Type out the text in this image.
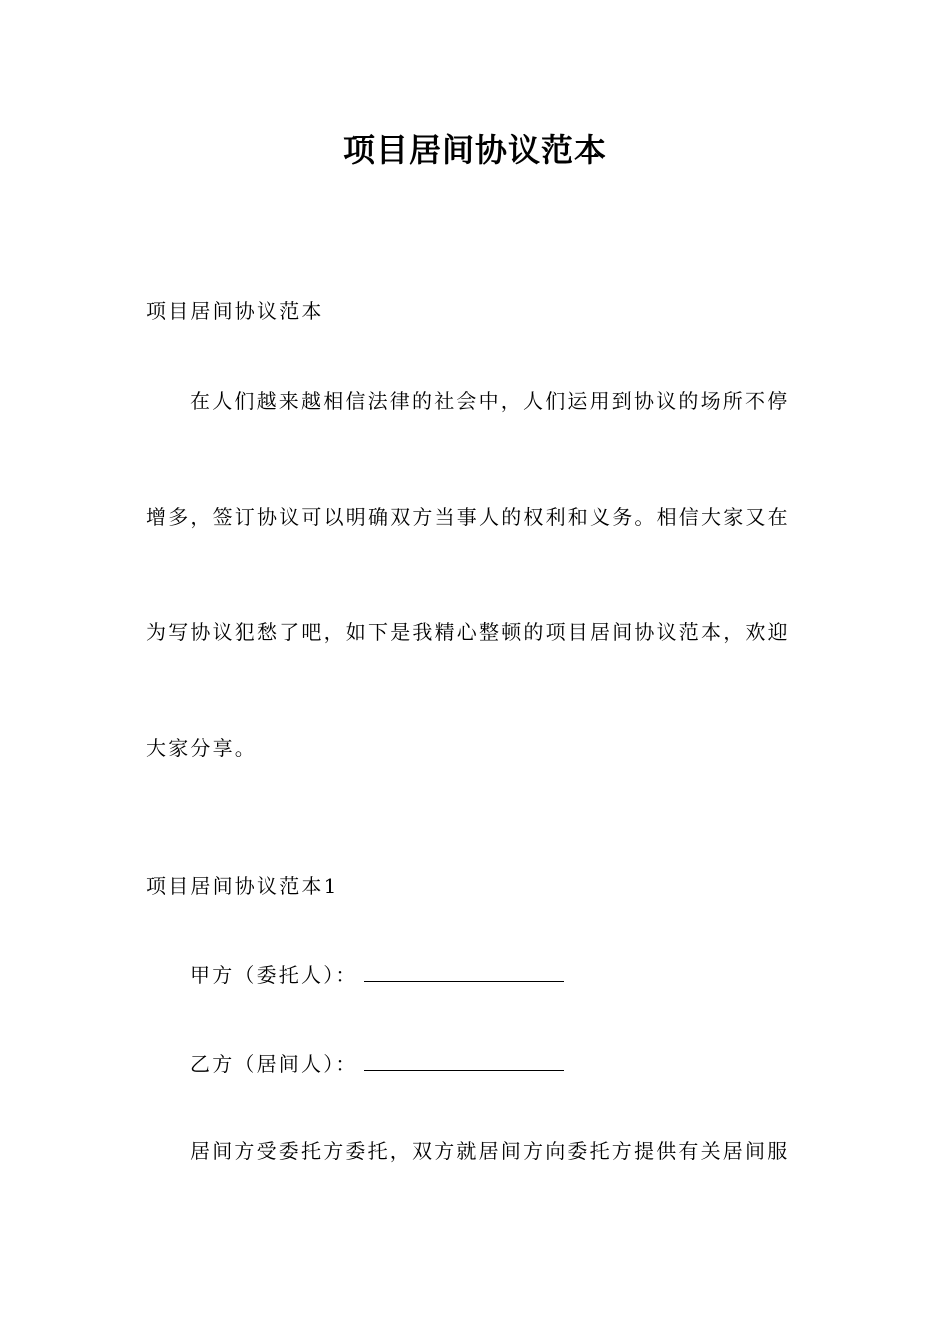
项目居间协议范本
项目居间协议范本
在人们越来越相信法律的社会中，人们运用到协议的场所不停
增多，签订协议可以明确双方当事人的权利和义务。相信大家又在
为写协议犯愁了吧，如下是我精心整顿的项目居间协议范本，欢迎
大家分享。
项目居间协议范本1
甲方（委托人）：
乙方（居间人）：
居间方受委托方委托，双方就居间方向委托方提供有关居间服
